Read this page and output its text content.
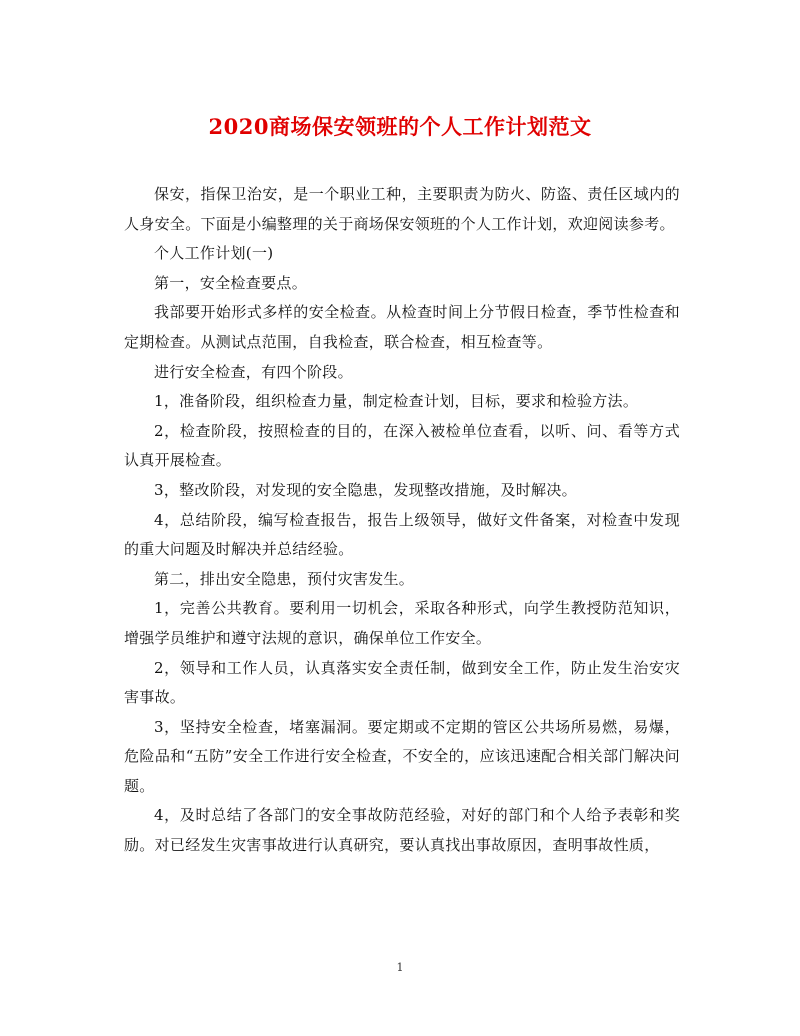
2020商场保安领班的个人工作计划范文

保安，指保卫治安，是一个职业工种，主要职责为防火、防盗、责任区域内的人身安全。下面是小编整理的关于商场保安领班的个人工作计划，欢迎阅读参考。

个人工作计划(一)

第一，安全检查要点。

我部要开始形式多样的安全检查。从检查时间上分节假日检查，季节性检查和定期检查。从测试点范围，自我检查，联合检查，相互检查等。

进行安全检查，有四个阶段。

1，准备阶段，组织检查力量，制定检查计划，目标，要求和检验方法。

2，检查阶段，按照检查的目的，在深入被检单位查看，以听、问、看等方式认真开展检查。

3，整改阶段，对发现的安全隐患，发现整改措施，及时解决。

4，总结阶段，编写检查报告，报告上级领导，做好文件备案，对检查中发现的重大问题及时解决并总结经验。

第二，排出安全隐患，预付灾害发生。

1，完善公共教育。要利用一切机会，采取各种形式，向学生教授防范知识，增强学员维护和遵守法规的意识，确保单位工作安全。

2，领导和工作人员，认真落实安全责任制，做到安全工作，防止发生治安灾害事故。

3，坚持安全检查，堵塞漏洞。要定期或不定期的管区公共场所易燃，易爆，危险品和“五防”安全工作进行安全检查，不安全的，应该迅速配合相关部门解决问题。

4，及时总结了各部门的安全事故防范经验，对好的部门和个人给予表彰和奖励。对已经发生灾害事故进行认真研究，要认真找出事故原因，查明事故性质，

1
